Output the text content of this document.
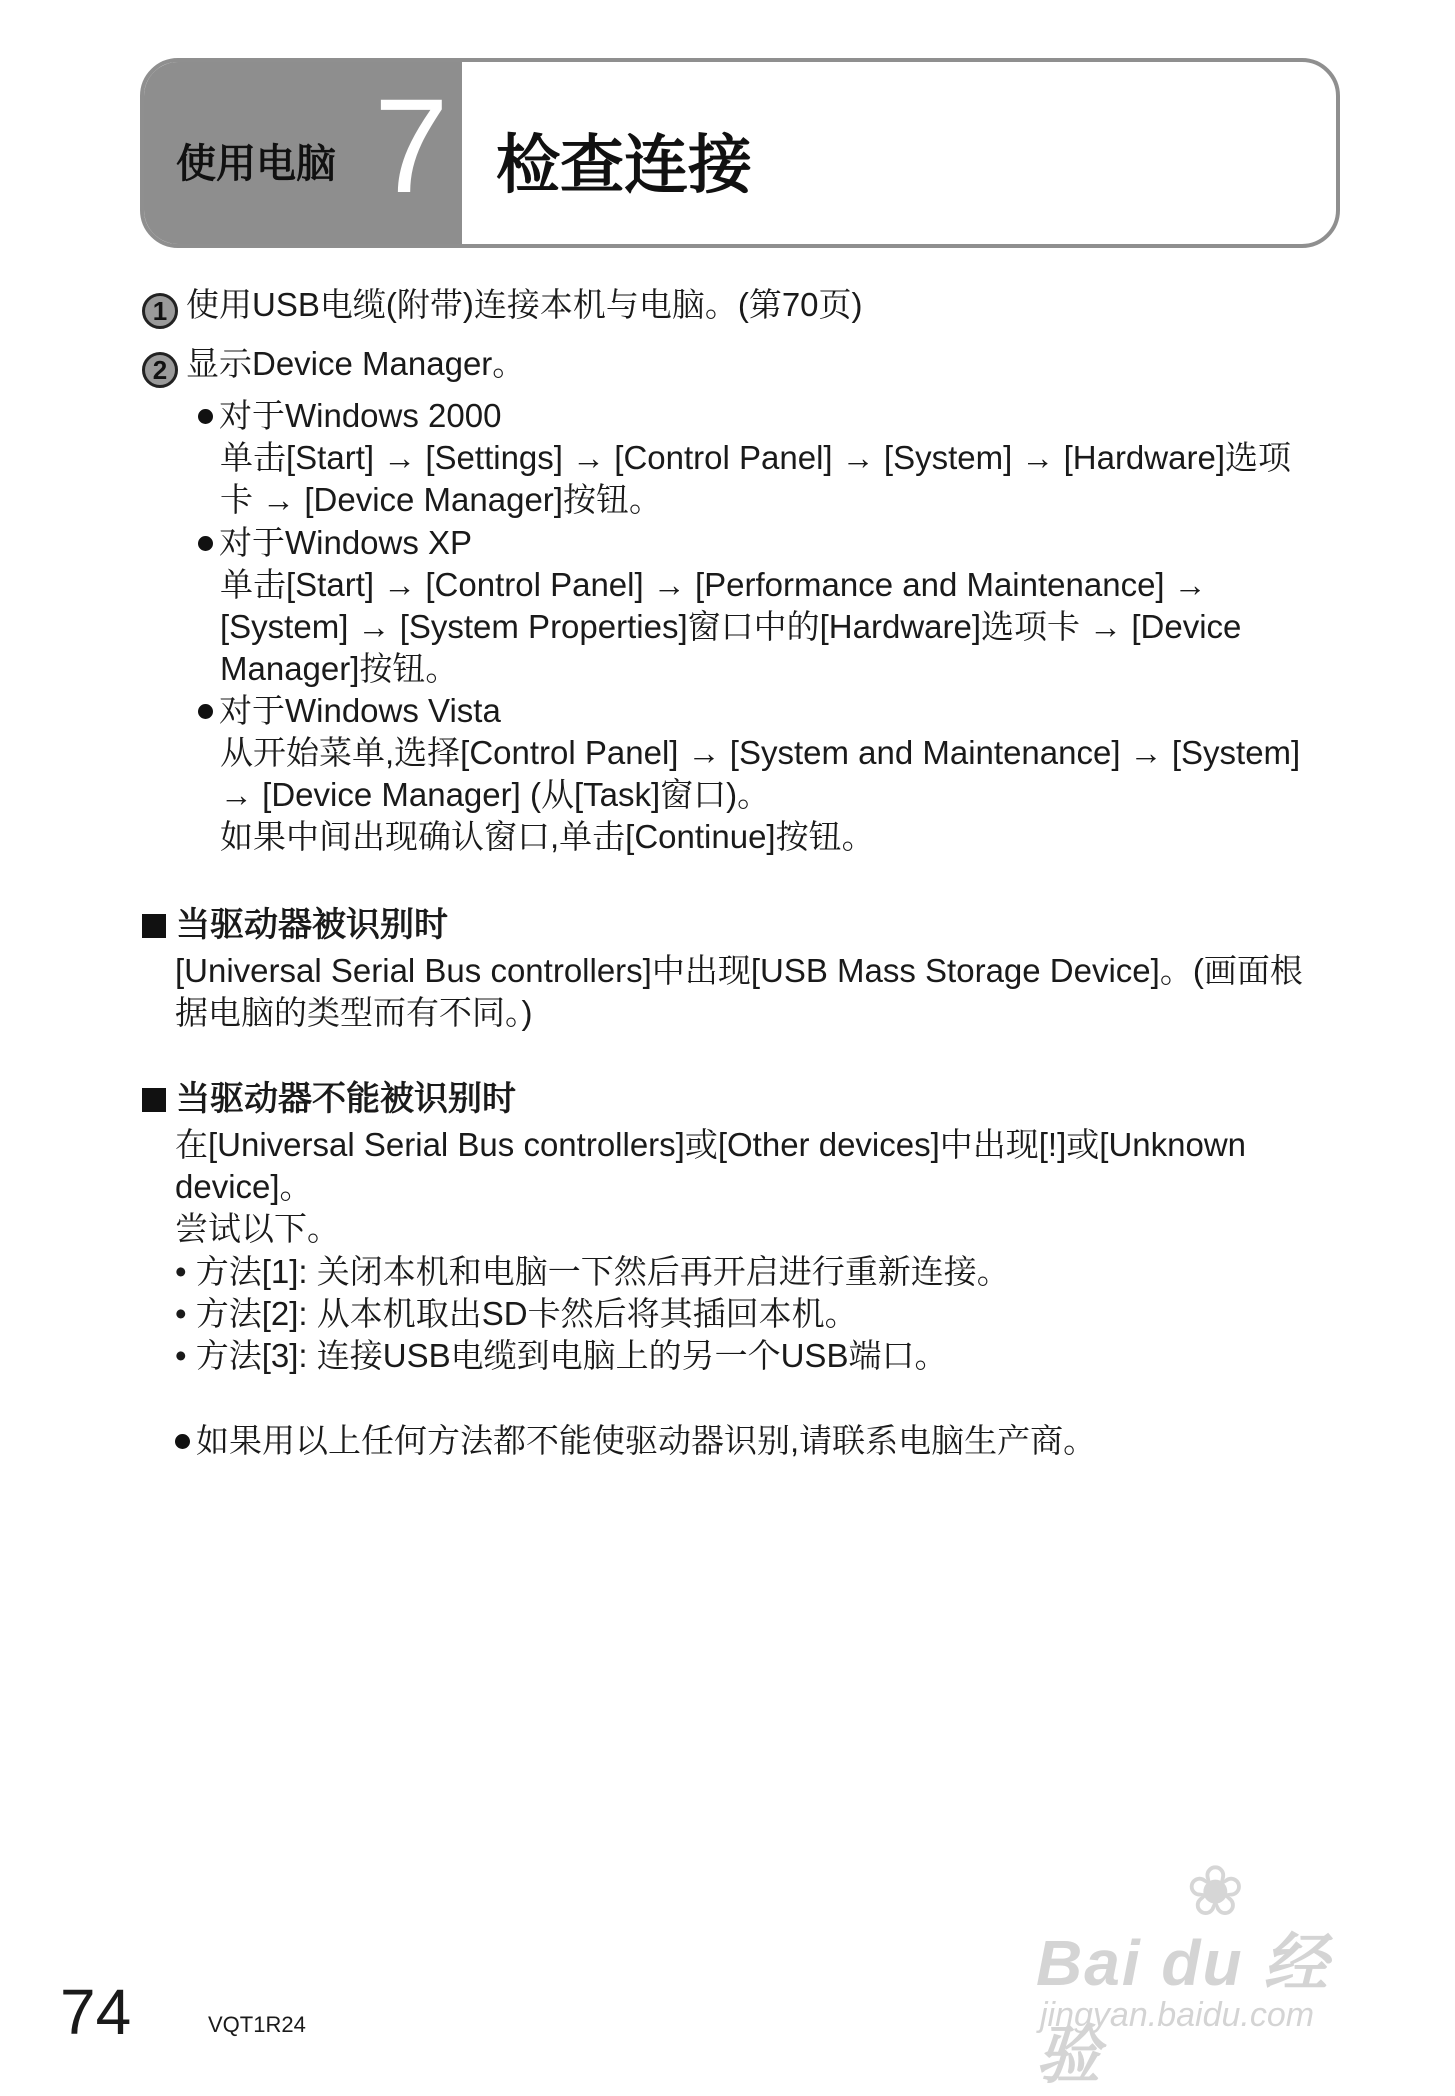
使用电脑 7 检查连接
1 使用USB电缆(附带)连接本机与电脑。(第70页)
2 显示Device Manager。
对于Windows 2000
单击[Start] → [Settings] → [Control Panel] → [System] → [Hardware]选项
卡 → [Device Manager]按钮。
对于Windows XP
单击[Start] → [Control Panel] → [Performance and Maintenance] →
[System] → [System Properties]窗口中的[Hardware]选项卡 → [Device
Manager]按钮。
对于Windows Vista
从开始菜单,选择[Control Panel] → [System and Maintenance] → [System]
→ [Device Manager] (从[Task]窗口)。
如果中间出现确认窗口,单击[Continue]按钮。
当驱动器被识别时
[Universal Serial Bus controllers]中出现[USB Mass Storage Device]。(画面根
据电脑的类型而有不同。)
当驱动器不能被识别时
在[Universal Serial Bus controllers]或[Other devices]中出现[!]或[Unknown
device]。
尝试以下。
• 方法[1]: 关闭本机和电脑一下然后再开启进行重新连接。
• 方法[2]: 从本机取出SD卡然后将其插回本机。
• 方法[3]: 连接USB电缆到电脑上的另一个USB端口。
如果用以上任何方法都不能使驱动器识别,请联系电脑生产商。
74	VQT1R24
❀
Bai du 经验
jingyan.baidu.com
